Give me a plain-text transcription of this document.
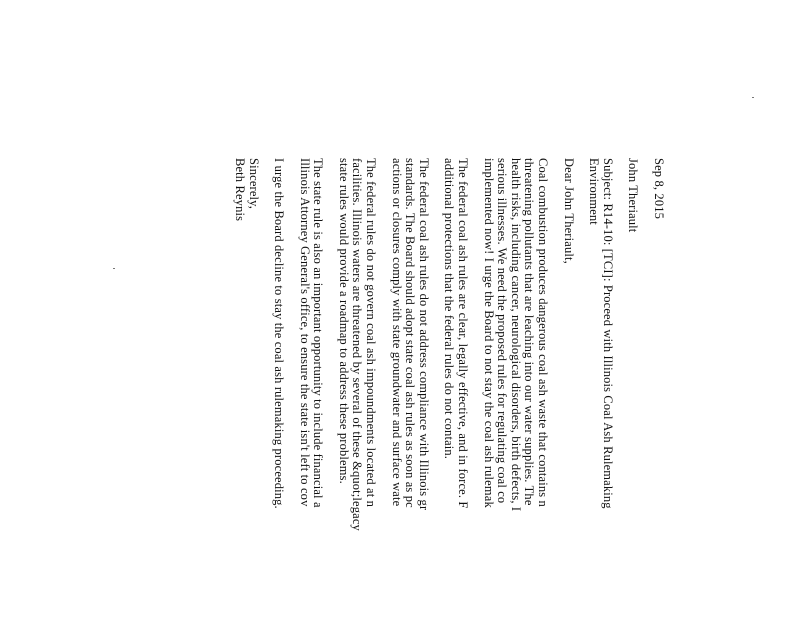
Sep 8, 2015
John Theriault
Subject: R14-10: [TCI]: Proceed with Illinois Coal Ash Rulemaking
Environment
Dear John Theriault,
Coal combustion produces dangerous coal ash waste that contains n
threatening pollutants that are leaching into our water supplies. The
health risks, including cancer, neurological disorders, birth defects, I
serious illnesses. We need the proposed rules for regulating coal co
implemented now! I urge the Board to not stay the coal ash rulemak
The federal coal ash rules are clear, legally effective, and in force. F
additional protections that the federal rules do not contain.
The federal coal ash rules do not address compliance with Illinois gr
standards. The Board should adopt state coal ash rules as soon as pc
actions or closures comply with state groundwater and surface wate
The federal rules do not govern coal ash impoundments located at n
facilities. Illinois waters are threatened by several of these &quot;legacy
state rules would provide a roadmap to address these problems.
The state rule is also an important opportunity to include financial a
Illinois Attorney General's office, to ensure the state isn't left to cov
I urge the Board decline to stay the coal ash rulemaking proceeding.
Sincerely,
Beth Reynis
